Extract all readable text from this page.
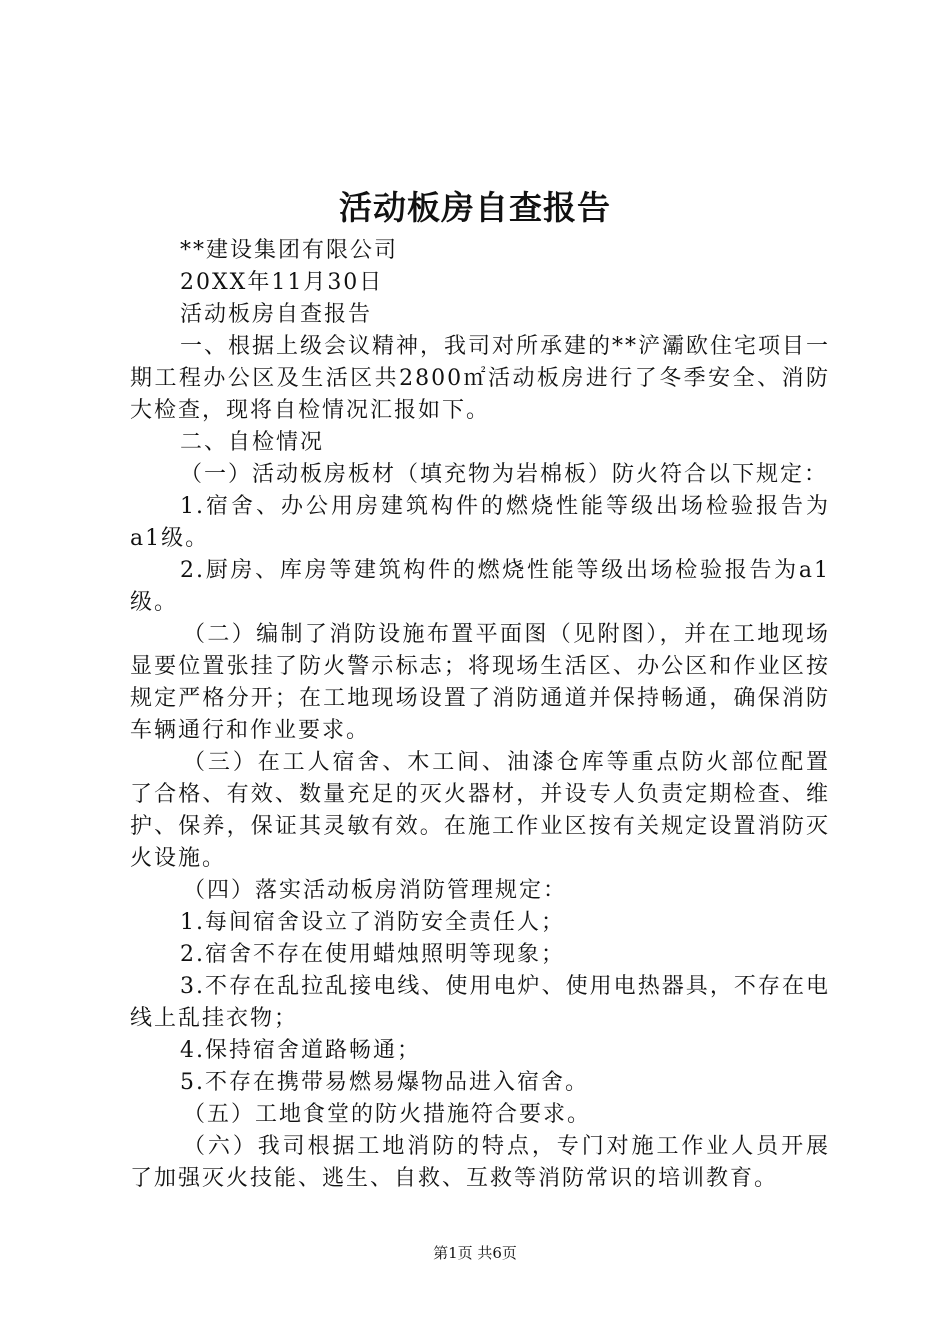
活动板房自查报告

**建设集团有限公司

20XX年11月30日

活动板房自查报告

一、根据上级会议精神，我司对所承建的**浐灞欧住宅项目一期工程办公区及生活区共2800㎡活动板房进行了冬季安全、消防大检查，现将自检情况汇报如下。

二、自检情况

（一）活动板房板材（填充物为岩棉板）防火符合以下规定：

1.宿舍、办公用房建筑构件的燃烧性能等级出场检验报告为a1级。

2.厨房、库房等建筑构件的燃烧性能等级出场检验报告为a1级。

（二）编制了消防设施布置平面图（见附图），并在工地现场显要位置张挂了防火警示标志；将现场生活区、办公区和作业区按规定严格分开；在工地现场设置了消防通道并保持畅通，确保消防车辆通行和作业要求。

（三）在工人宿舍、木工间、油漆仓库等重点防火部位配置了合格、有效、数量充足的灭火器材，并设专人负责定期检查、维护、保养，保证其灵敏有效。在施工作业区按有关规定设置消防灭火设施。

（四）落实活动板房消防管理规定：

1.每间宿舍设立了消防安全责任人；

2.宿舍不存在使用蜡烛照明等现象；

3.不存在乱拉乱接电线、使用电炉、使用电热器具，不存在电线上乱挂衣物；

4.保持宿舍道路畅通；

5.不存在携带易燃易爆物品进入宿舍。

（五）工地食堂的防火措施符合要求。

（六）我司根据工地消防的特点，专门对施工作业人员开展了加强灭火技能、逃生、自救、互救等消防常识的培训教育。

第1页 共6页
